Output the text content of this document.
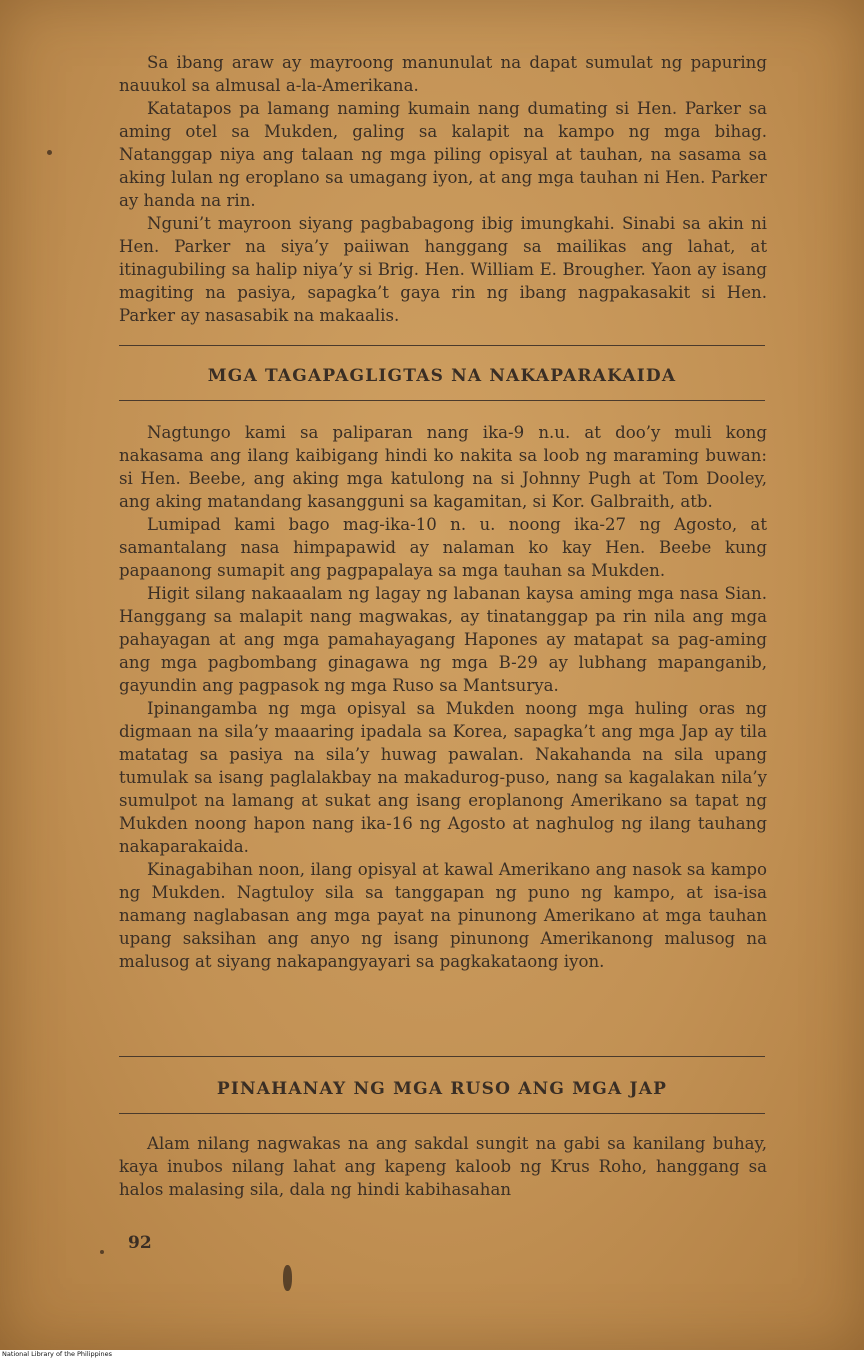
Sa ibang araw ay mayroong manunulat na dapat sumulat ng papuring nauukol sa almusal a-la-Amerikana.

Katatapos pa lamang naming kumain nang dumating si Hen. Parker sa aming otel sa Mukden, galing sa kalapit na kampo ng mga bihag. Natanggap niya ang talaan ng mga piling opisyal at tauhan, na sasama sa aking lulan ng eroplano sa umagang iyon, at ang mga tauhan ni Hen. Parker ay handa na rin.

Nguni’t mayroon siyang pagbabagong ibig imungkahi. Sinabi sa akin ni Hen. Parker na siya’y paiiwan hanggang sa mailikas ang lahat, at itinagubiling sa halip niya’y si Brig. Hen. William E. Brougher. Yaon ay isang magiting na pasiya, sapagka’t gaya rin ng ibang nagpakasakit si Hen. Parker ay nasasabik na makaalis.

MGA TAGAPAGLIGTAS NA NAKAPARAKAIDA

Nagtungo kami sa paliparan nang ika-9 n.u. at doo’y muli kong nakasama ang ilang kaibigang hindi ko nakita sa loob ng maraming buwan: si Hen. Beebe, ang aking mga katulong na si Johnny Pugh at Tom Dooley, ang aking matandang kasangguni sa kagamitan, si Kor. Galbraith, atb.

Lumipad kami bago mag-ika-10 n. u. noong ika-27 ng Agosto, at samantalang nasa himpapawid ay nalaman ko kay Hen. Beebe kung papaanong sumapit ang pagpapalaya sa mga tauhan sa Mukden.

Higit silang nakaaalam ng lagay ng labanan kaysa aming mga nasa Sian. Hanggang sa malapit nang magwakas, ay tinatanggap pa rin nila ang mga pahayagan at ang mga pamahayagang Hapones ay matapat sa pag-aming ang mga pagbombang ginagawa ng mga B-29 ay lubhang mapanganib, gayundin ang pagpasok ng mga Ruso sa Mantsurya.

Ipinangamba ng mga opisyal sa Mukden noong mga huling oras ng digmaan na sila’y maaaring ipadala sa Korea, sapagka’t ang mga Jap ay tila matatag sa pasiya na sila’y huwag pawalan. Nakahanda na sila upang tumulak sa isang paglalakbay na makadurog-puso, nang sa kagalakan nila’y sumulpot na lamang at sukat ang isang eroplanong Amerikano sa tapat ng Mukden noong hapon nang ika-16 ng Agosto at naghulog ng ilang tauhang nakaparakaida.

Kinagabihan noon, ilang opisyal at kawal Amerikano ang nasok sa kampo ng Mukden. Nagtuloy sila sa tanggapan ng puno ng kampo, at isa-isa namang naglabasan ang mga payat na pinunong Amerikano at mga tauhan upang saksihan ang anyo ng isang pinunong Amerikanong malusog na malusog at siyang nakapangyayari sa pagkakataong iyon.

PINAHANAY NG MGA RUSO ANG MGA JAP

Alam nilang nagwakas na ang sakdal sungit na gabi sa kanilang buhay, kaya inubos nilang lahat ang kapeng kaloob ng Krus Roho, hanggang sa halos malasing sila, dala ng hindi kabihasahan

92
National Library of the Philippines
